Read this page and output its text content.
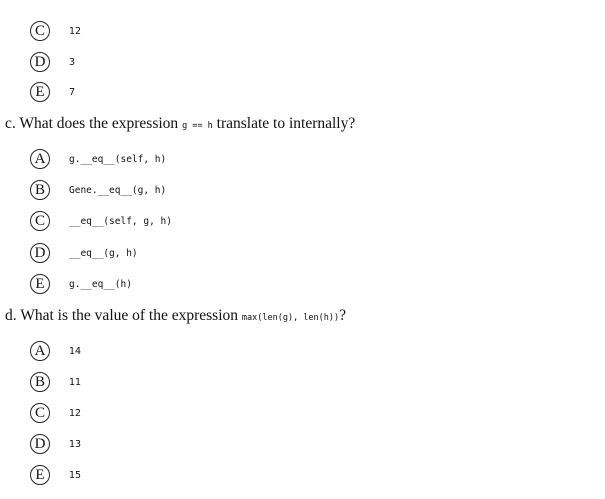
C	12
D	3
E	7
c. What does the expression g == h translate to internally?
A	g.__eq__(self, h)
B	Gene.__eq__(g, h)
C	__eq__(self, g, h)
D	__eq__(g, h)
E	g.__eq__(h)
d. What is the value of the expression max(len(g), len(h))?
A	14
B	11
C	12
D	13
E	15
